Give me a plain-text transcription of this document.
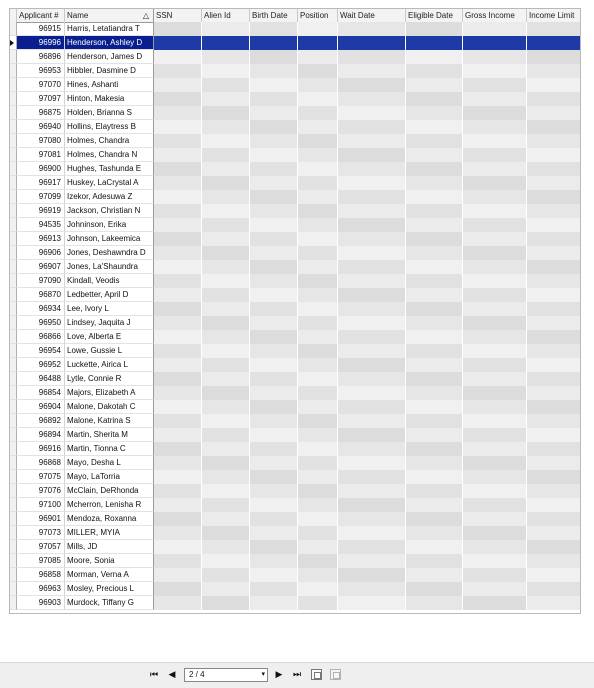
Applicant #	Name	△ SSN	Alien Id	Birth Date	Position	Wait Date	Eligible Date	Gross Income	Income Limit
96915 Harris, Letatiandra T
96996 Henderson, Ashley D
96896 Henderson, James D
96953 Hibbler, Dasmine D
97070 Hines, Ashanti
97097 Hinton, Makesia
96875 Holden, Brianna S
96940 Hollins, Elaytress B
97080 Holmes, Chandra
97081 Holmes, Chandra N
96900 Hughes, Tashunda E
96917 Huskey, LaCrystal A
97099 Izekor, Adesuwa Z
96919 Jackson, Christian N
94535 Johninson, Erika
96913 Johnson, Lakeemica
96906 Jones, Deshawndra D
96907 Jones, La'Shaundra
97090 Kindall, Veodis
96870 Ledbetter, April D
96934 Lee, Ivory L
96950 Lindsey, Jaquita J
96866 Love, Alberta E
96954 Lowe, Gussie L
96952 Luckette, Airica L
96488 Lytle, Connie R
96854 Majors, Elizabeth A
96904 Malone, Dakotah C
96892 Malone, Katrina S
96894 Martin, Sherita M
96916 Martin, Tionna C
96868 Mayo, Desha L
97075 Mayo, LaTorria
97076 McClain, DeRhonda
97100 Mcherron, Lenisha R
96901 Mendoza, Roxanna
97073 MILLER, MYIA
97057 Mills, JD
97085 Moore, Sonia
96858 Morman, Verna A
96963 Mosley, Precious L
96903 Murdock, Tiffany G
⏮ ◀	2 / 4	▾ ▶ ⏭
